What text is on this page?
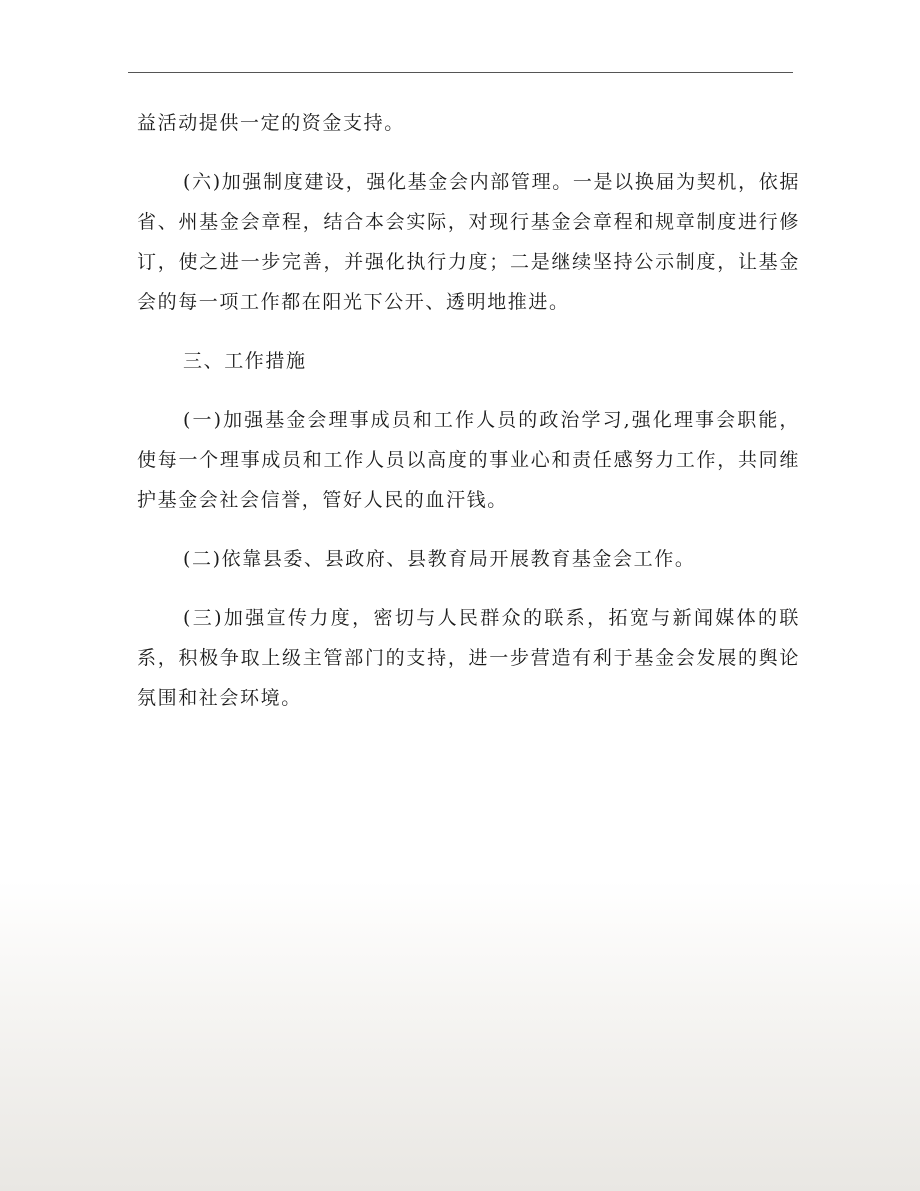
益活动提供一定的资金支持。

(六)加强制度建设，强化基金会内部管理。一是以换届为契机，依据省、州基金会章程，结合本会实际，对现行基金会章程和规章制度进行修订，使之进一步完善，并强化执行力度；二是继续坚持公示制度，让基金会的每一项工作都在阳光下公开、透明地推进。

三、工作措施

(一)加强基金会理事成员和工作人员的政治学习,强化理事会职能，使每一个理事成员和工作人员以高度的事业心和责任感努力工作，共同维护基金会社会信誉，管好人民的血汗钱。

(二)依靠县委、县政府、县教育局开展教育基金会工作。

(三)加强宣传力度，密切与人民群众的联系，拓宽与新闻媒体的联系，积极争取上级主管部门的支持，进一步营造有利于基金会发展的舆论氛围和社会环境。
